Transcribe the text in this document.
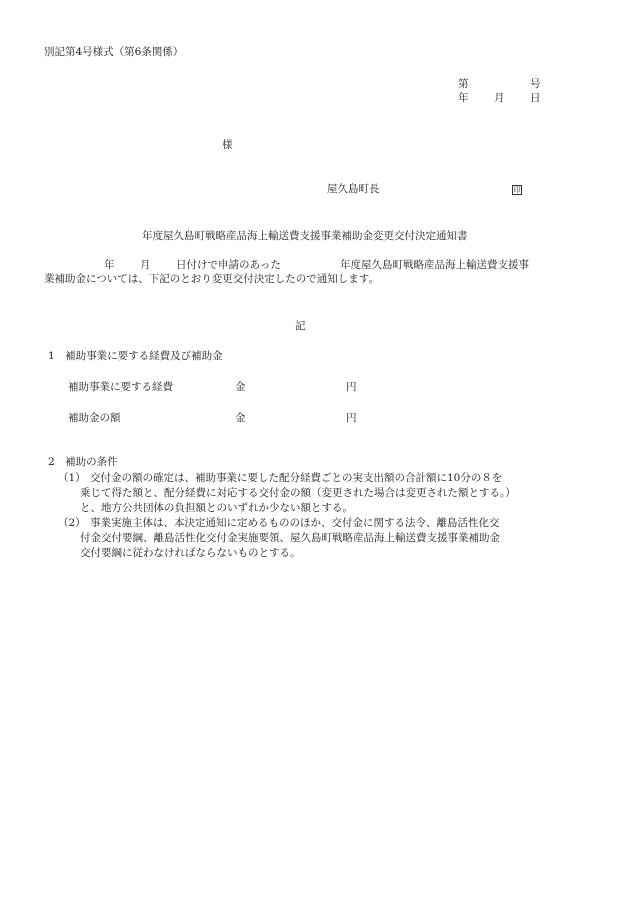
別記第4号様式（第6条関係）
第	号
年 月 日
様
屋久島町長	印
年度屋久島町戦略産品海上輸送費支援事業補助金変更交付決定通知書
年 月 日付けで申請のあった	年度屋久島町戦略産品海上輸送費支援事
業補助金については、下記のとおり変更交付決定したので通知します。
記
1　補助事業に要する経費及び補助金
補助事業に要する経費	金	円
補助金の額	金	円
2　補助の条件
（1） 交付金の額の確定は、補助事業に要した配分経費ごとの実支出額の合計額に10分の８を
乗じて得た額と、配分経費に対応する交付金の額（変更された場合は変更された額とする。）
と、地方公共団体の負担額とのいずれか少ない額とする。
（2） 事業実施主体は、本決定通知に定めるもののほか、交付金に関する法令、離島活性化交
付金交付要綱、離島活性化交付金実施要領、屋久島町戦略産品海上輸送費支援事業補助金
交付要綱に従わなければならないものとする。
